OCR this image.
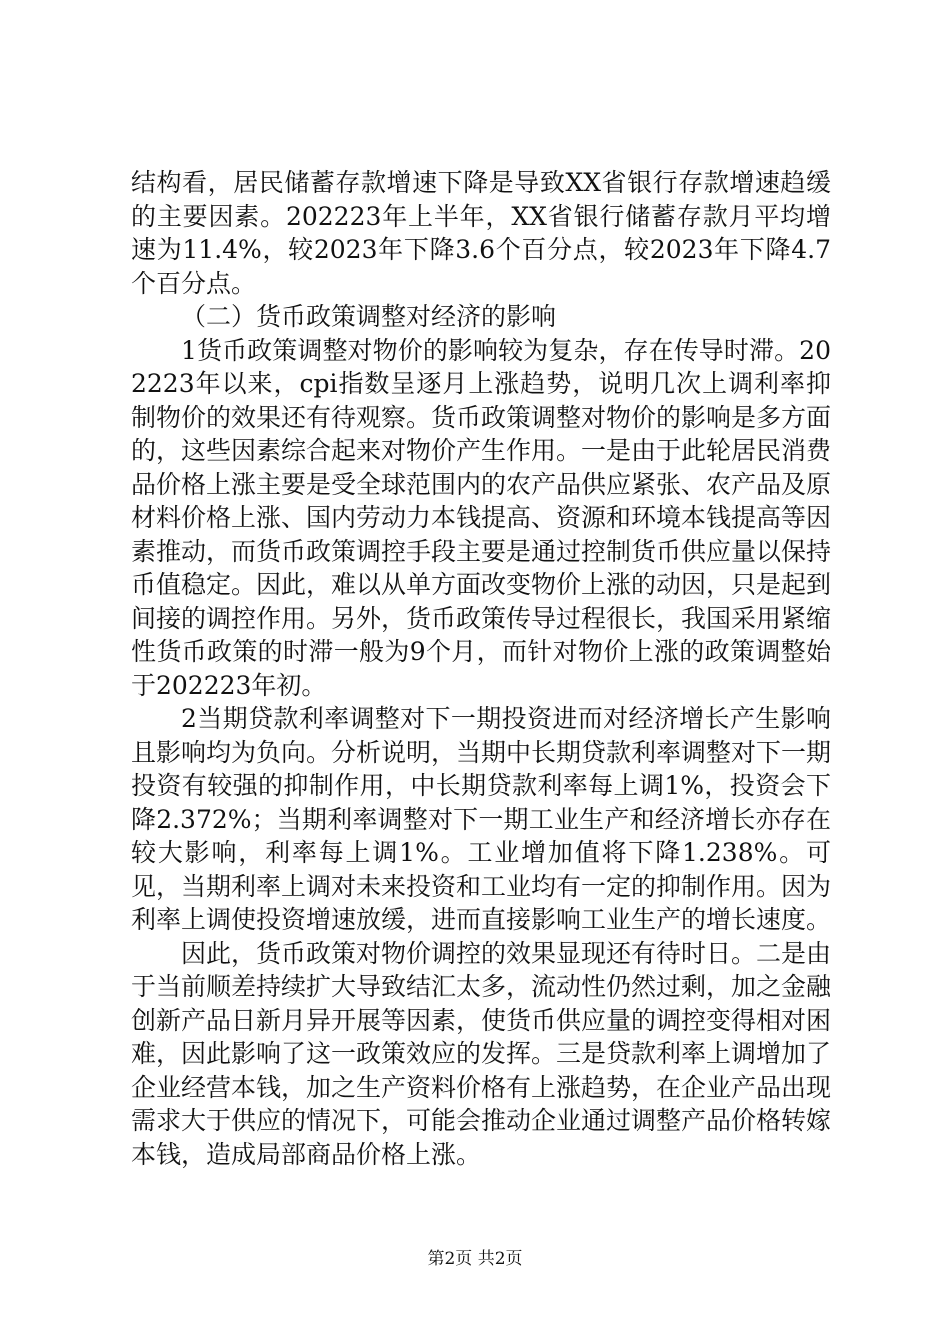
结构看，居民储蓄存款增速下降是导致XX省银行存款增速趋缓的主要因素。202223年上半年，XX省银行储蓄存款月平均增速为11.4%，较2023年下降3.6个百分点，较2023年下降4.7个百分点。

（二）货币政策调整对经济的影响

1货币政策调整对物价的影响较为复杂，存在传导时滞。202223年以来，cpi指数呈逐月上涨趋势，说明几次上调利率抑制物价的效果还有待观察。货币政策调整对物价的影响是多方面的，这些因素综合起来对物价产生作用。一是由于此轮居民消费品价格上涨主要是受全球范围内的农产品供应紧张、农产品及原材料价格上涨、国内劳动力本钱提高、资源和环境本钱提高等因素推动，而货币政策调控手段主要是通过控制货币供应量以保持币值稳定。因此，难以从单方面改变物价上涨的动因，只是起到间接的调控作用。另外，货币政策传导过程很长，我国采用紧缩性货币政策的时滞一般为9个月，而针对物价上涨的政策调整始于202223年初。

2当期贷款利率调整对下一期投资进而对经济增长产生影响且影响均为负向。分析说明，当期中长期贷款利率调整对下一期投资有较强的抑制作用，中长期贷款利率每上调1%，投资会下降2.372%；当期利率调整对下一期工业生产和经济增长亦存在较大影响，利率每上调1%。工业增加值将下降1.238%。可见，当期利率上调对未来投资和工业均有一定的抑制作用。因为利率上调使投资增速放缓，进而直接影响工业生产的增长速度。

因此，货币政策对物价调控的效果显现还有待时日。二是由于当前顺差持续扩大导致结汇太多，流动性仍然过剩，加之金融创新产品日新月异开展等因素，使货币供应量的调控变得相对困难，因此影响了这一政策效应的发挥。三是贷款利率上调增加了企业经营本钱，加之生产资料价格有上涨趋势，在企业产品出现需求大于供应的情况下，可能会推动企业通过调整产品价格转嫁本钱，造成局部商品价格上涨。

第2页 共2页
